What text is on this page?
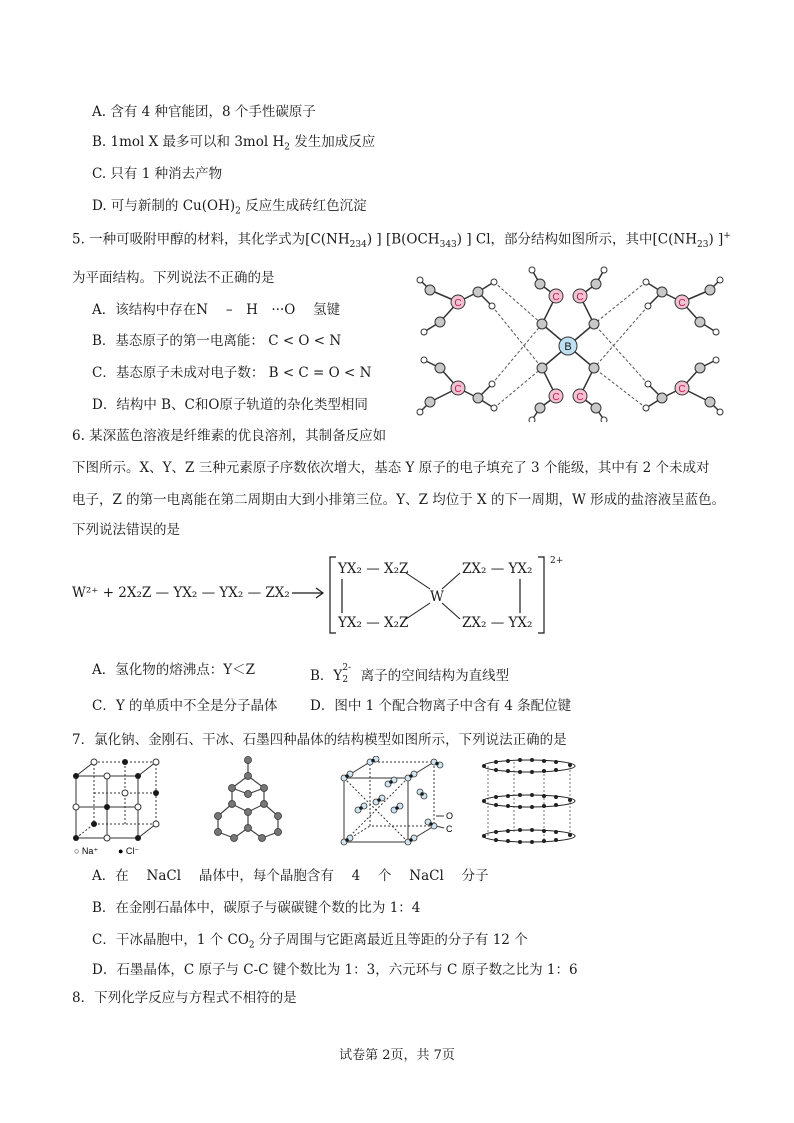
A. 含有 4 种官能团，8 个手性碳原子
B. 1mol X 最多可以和 3mol $H_2$ 发生加成反应
C. 只有 1 种消去产物
D. 可与新制的 $Cu(OH)_2$ 反应生成砖红色沉淀
5. 一种可吸附甲醇的材料，其化学式为[$C(NH_{234})$ ] [$B(OCH_{343})$ ] Cl，部分结构如图所示，其中[$C(NH_{23})$ ]+
为平面结构。下列说法不正确的是
A．该结构中存在N　 –　H　···O　 氢键
B．基态原子的第一电离能： C < O < N
C．基态原子未成对电子数： B < C = O < N
D．结构中 B、C和O原子轨道的杂化类型相同
C
C
C
C
C C
C C
B
6. 某深蓝色溶液是纤维素的优良溶剂，其制备反应如
下图所示。X、Y、Z 三种元素原子序数依次增大，基态 Y 原子的电子填充了 3 个能级，其中有 2 个未成对
电子，Z 的第一电离能在第二周期由大到小排第三位。Y、Z 均位于 X 的下一周期，W 形成的盐溶液呈蓝色。
下列说法错误的是
W²⁺ + 2X₂Z — YX₂ — YX₂ — ZX₂
YX₂ — X₂Z	ZX₂ — YX₂
YX₂ — X₂Z	ZX₂ — YX₂
W
2+
A．氢化物的熔沸点：Y＜Z	B．Y 2-
2 离子的空间结构为直线型
C．Y 的单质中不全是分子晶体 D．图中 1 个配合物离子中含有 4 条配位键
7．氯化钠、金刚石、干冰、石墨四种晶体的结构模型如图所示，下列说法正确的是
○ Na⁺ ● Cl⁻
O
C
A．在　 NaCl　 晶体中，每个晶胞含有　 4　 个　 NaCl　 分子
B．在金刚石晶体中，碳原子与碳碳键个数的比为 1：4
C．干冰晶胞中，1 个 $CO_2$ 分子周围与它距离最近且等距的分子有 12 个
D．石墨晶体，C 原子与 C-C 键个数比为 1：3，六元环与 C 原子数之比为 1：6
8．下列化学反应与方程式不相符的是
试卷第 2页，共 7页
